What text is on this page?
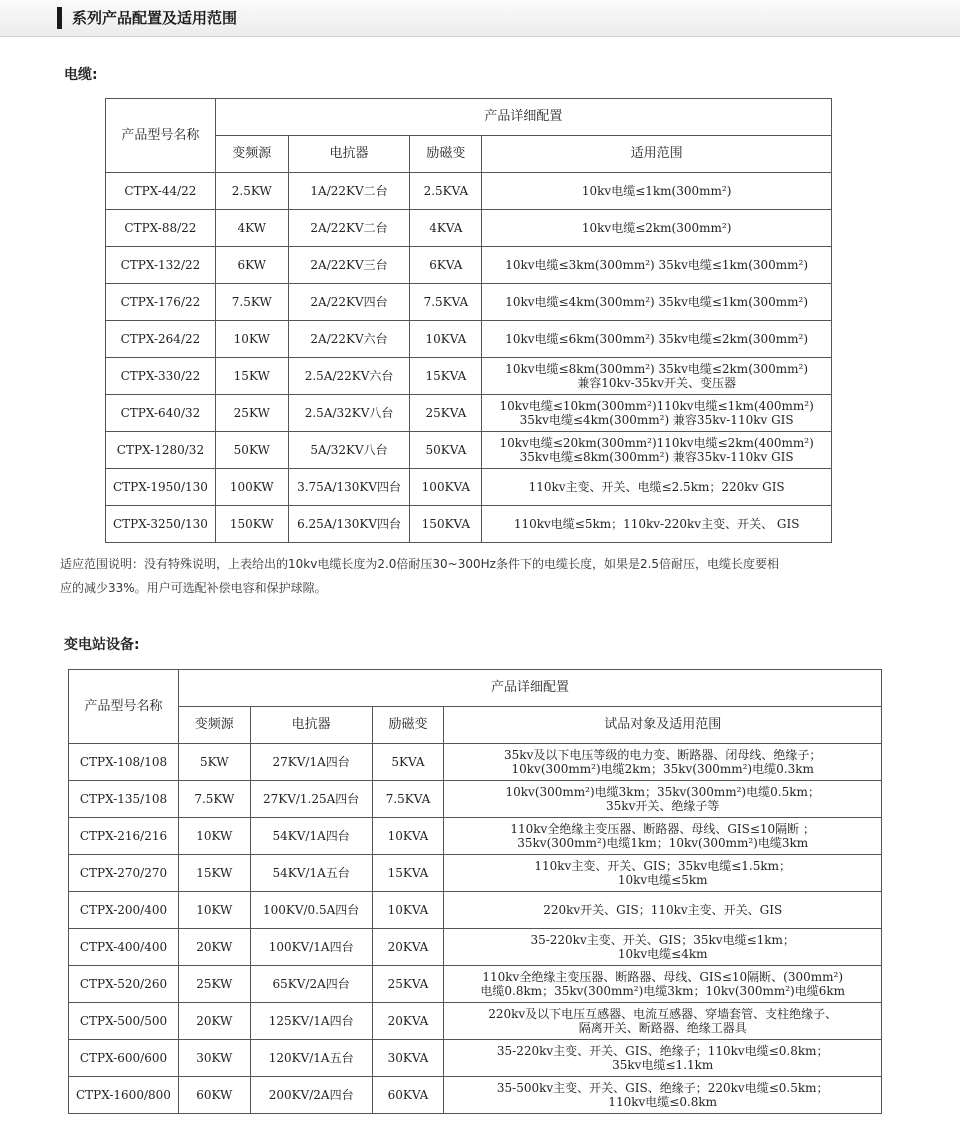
系列产品配置及适用范围
电缆:
产品型号名称	产品详细配置			
	变频源	电抗器	励磁变	适用范围
CTPX-44/22	2.5KW	1A/22KV二台	2.5KVA	10kv电缆≤1km(300mm²)

CTPX-88/22	4KW	2A/22KV二台	4KVA	10kv电缆≤2km(300mm²)

CTPX-132/22	6KW	2A/22KV三台	6KVA	10kv电缆≤3km(300mm²) 35kv电缆≤1km(300mm²)

CTPX-176/22	7.5KW	2A/22KV四台	7.5KVA	10kv电缆≤4km(300mm²) 35kv电缆≤1km(300mm²)

CTPX-264/22	10KW	2A/22KV六台	10KVA	10kv电缆≤6km(300mm²) 35kv电缆≤2km(300mm²)

CTPX-330/22	15KW	2.5A/22KV六台	15KVA	10kv电缆≤8km(300mm²) 35kv电缆≤2km(300mm²)
兼容10kv-35kv开关、变压器

CTPX-640/32	25KW	2.5A/32KV八台	25KVA	10kv电缆≤10km(300mm²)110kv电缆≤1km(400mm²)
35kv电缆≤4km(300mm²) 兼容35kv-110kv GIS

CTPX-1280/32	50KW	5A/32KV八台	50KVA	10kv电缆≤20km(300mm²)110kv电缆≤2km(400mm²)
35kv电缆≤8km(300mm²) 兼容35kv-110kv GIS

CTPX-1950/130	100KW	3.75A/130KV四台	100KVA	110kv主变、开关、电缆≤2.5km；220kv GIS

CTPX-3250/130	150KW	6.25A/130KV四台	150KVA	110kv电缆≤5km；110kv-220kv主变、开关、 GIS
适应范围说明：没有特殊说明，上表给出的10kv电缆长度为2.0倍耐压30~300Hz条件下的电缆长度，如果是2.5倍耐压，电缆长度要相
应的减少33%。用户可选配补偿电容和保护球隙。
变电站设备:
产品型号名称	产品详细配置			
	变频源	电抗器	励磁变	试品对象及适用范围
CTPX-108/108	5KW	27KV/1A四台	5KVA	35kv及以下电压等级的电力变、断路器、闭母线、绝缘子；
10kv(300mm²)电缆2km；35kv(300mm²)电缆0.3km

CTPX-135/108	7.5KW	27KV/1.25A四台	7.5KVA	10kv(300mm²)电缆3km；35kv(300mm²)电缆0.5km；
35kv开关、绝缘子等

CTPX-216/216	10KW	54KV/1A四台	10KVA	110kv全绝缘主变压器、断路器、母线、GIS≤10隔断 ；
35kv(300mm²)电缆1km；10kv(300mm²)电缆3km

CTPX-270/270	15KW	54KV/1A五台	15KVA	110kv主变、开关、GIS；35kv电缆≤1.5km；
10kv电缆≤5km

CTPX-200/400	10KW	100KV/0.5A四台	10KVA	220kv开关、GIS；110kv主变、开关、GIS

CTPX-400/400	20KW	100KV/1A四台	20KVA	35-220kv主变、开关、GIS；35kv电缆≤1km；
10kv电缆≤4km

CTPX-520/260	25KW	65KV/2A四台	25KVA	110kv全绝缘主变压器、断路器、母线、GIS≤10隔断、(300mm²)
电缆0.8km；35kv(300mm²)电缆3km；10kv(300mm²)电缆6km

CTPX-500/500	20KW	125KV/1A四台	20KVA	220kv及以下电压互感器、电流互感器、穿墙套管、支柱绝缘子、
隔离开关、断路器、绝缘工器具

CTPX-600/600	30KW	120KV/1A五台	30KVA	35-220kv主变、开关、GIS、绝缘子；110kv电缆≤0.8km；
35kv电缆≤1.1km

CTPX-1600/800	60KW	200KV/2A四台	60KVA	35-500kv主变、开关、GIS、绝缘子；220kv电缆≤0.5km；
110kv电缆≤0.8km
